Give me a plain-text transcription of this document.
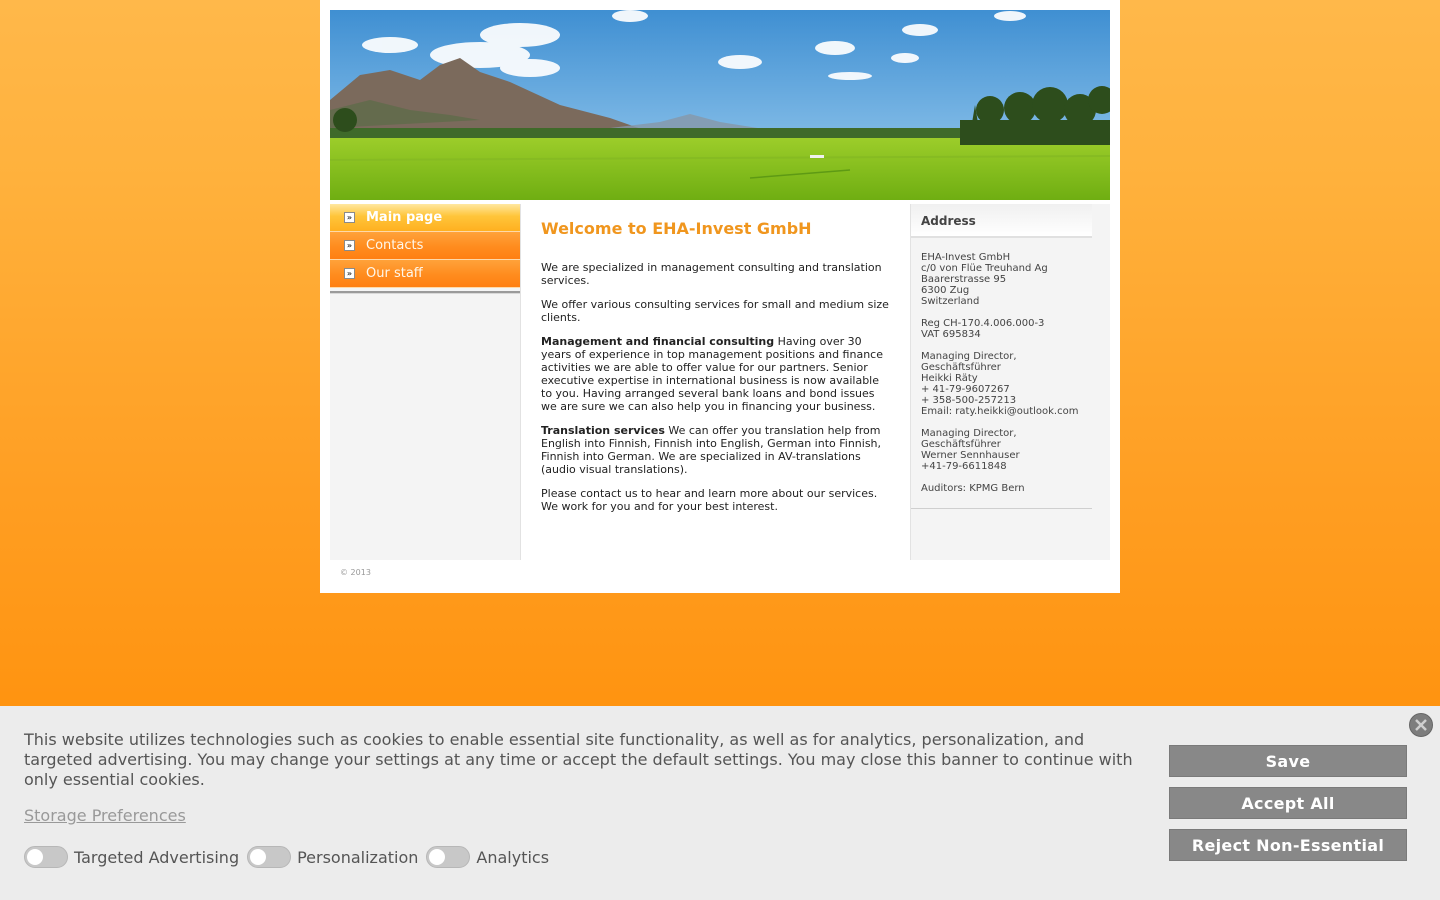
» Main page
» Contacts
» Our staff
Welcome to EHA-Invest GmbH

We are specialized in management consulting and translation services.

We offer various consulting services for small and medium size clients.

Management and financial consulting Having over 30 years of experience in top management positions and finance activities we are able to offer value for our partners. Senior executive expertise in international business is now available to you. Having arranged several bank loans and bond issues we are sure we can also help you in financing your business.

Translation services We can offer you translation help from English into Finnish, Finnish into English, German into Finnish, Finnish into German. We are specialized in AV-translations (audio visual translations).

Please contact us to hear and learn more about our services. We work for you and for your best interest.

Address
EHA-Invest GmbH
c/0 von Flüe Treuhand Ag
Baarerstrasse 95
6300 Zug
Switzerland
Reg CH-170.4.006.000-3
VAT 695834
Managing Director,
Geschäftsführer
Heikki Räty
+ 41-79-9607267
+ 358-500-257213
Email: raty.heikki@outlook.com
Managing Director,
Geschäftsführer
Werner Sennhauser
+41-79-6611848
Auditors: KPMG Bern
© 2013
This website utilizes technologies such as cookies to enable essential site functionality, as well as for analytics, personalization, and targeted advertising. You may change your settings at any time or accept the default settings. You may close this banner to continue with only essential cookies.
Storage Preferences
Targeted Advertising	Personalization	Analytics
Save
Accept All
Reject Non-Essential
